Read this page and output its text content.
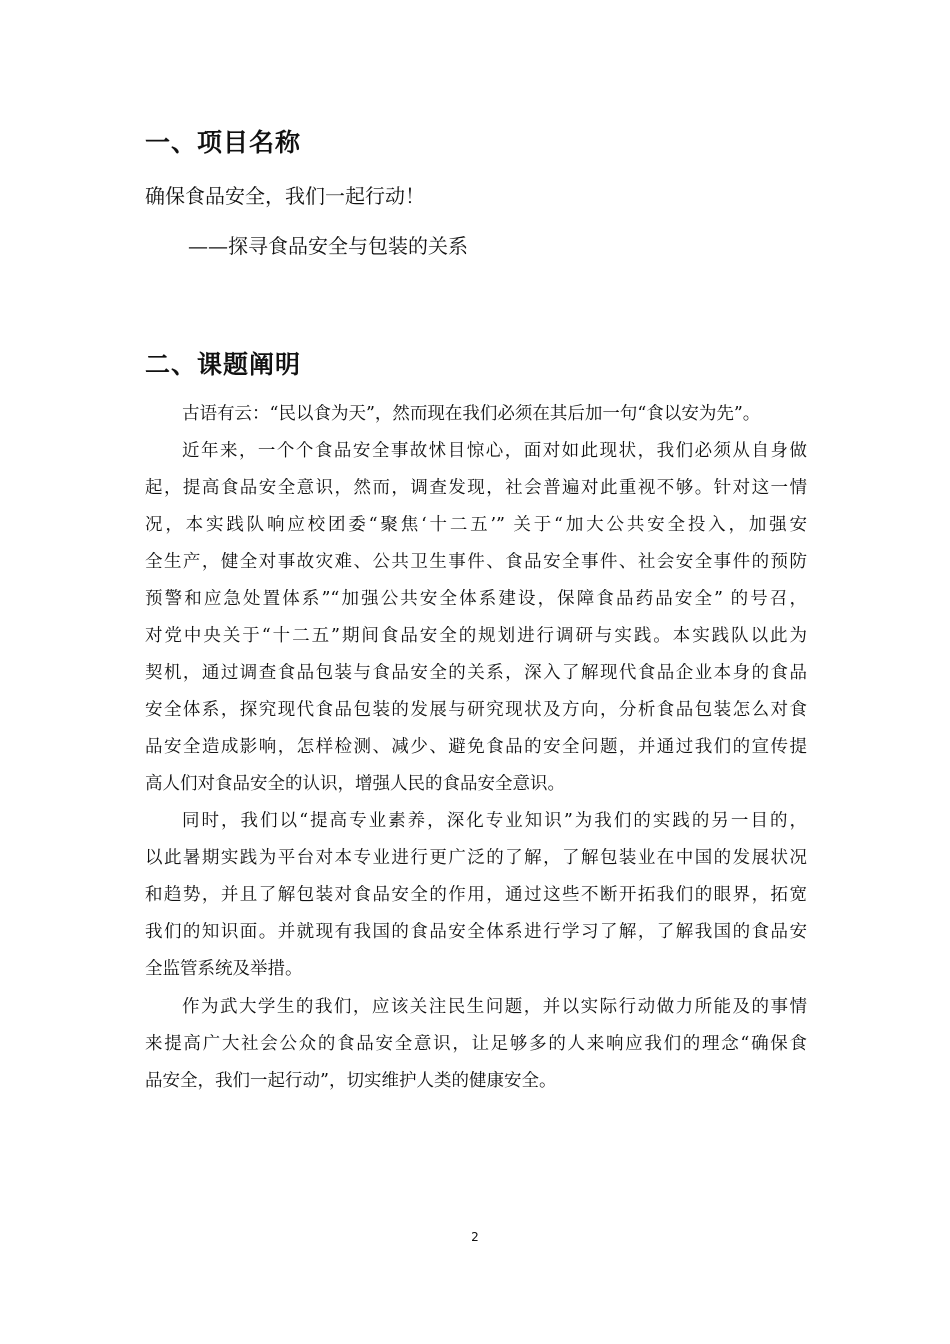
一、项目名称

确保食品安全，我们一起行动！

——探寻食品安全与包装的关系

二、课题阐明

古语有云：“民以食为天”，然而现在我们必须在其后加一句“食以安为先”。

近年来，一个个食品安全事故怵目惊心，面对如此现状，我们必须从自身做
起，提高食品安全意识，然而，调查发现，社会普遍对此重视不够。针对这一情
况，本实践队响应校团委“聚焦‘十二五’” 关于“加大公共安全投入，加强安
全生产，健全对事故灾难、公共卫生事件、食品安全事件、社会安全事件的预防
预警和应急处置体系”“加强公共安全体系建设，保障食品药品安全” 的号召，
对党中央关于“十二五”期间食品安全的规划进行调研与实践。本实践队以此为
契机，通过调查食品包装与食品安全的关系，深入了解现代食品企业本身的食品
安全体系，探究现代食品包装的发展与研究现状及方向，分析食品包装怎么对食
品安全造成影响，怎样检测、减少、避免食品的安全问题，并通过我们的宣传提
高人们对食品安全的认识，增强人民的食品安全意识。

同时，我们以“提高专业素养，深化专业知识”为我们的实践的另一目的，
以此暑期实践为平台对本专业进行更广泛的了解，了解包装业在中国的发展状况
和趋势，并且了解包装对食品安全的作用，通过这些不断开拓我们的眼界，拓宽
我们的知识面。并就现有我国的食品安全体系进行学习了解，了解我国的食品安
全监管系统及举措。

作为武大学生的我们，应该关注民生问题，并以实际行动做力所能及的事情
来提高广大社会公众的食品安全意识，让足够多的人来响应我们的理念“确保食
品安全，我们一起行动”，切实维护人类的健康安全。

2
